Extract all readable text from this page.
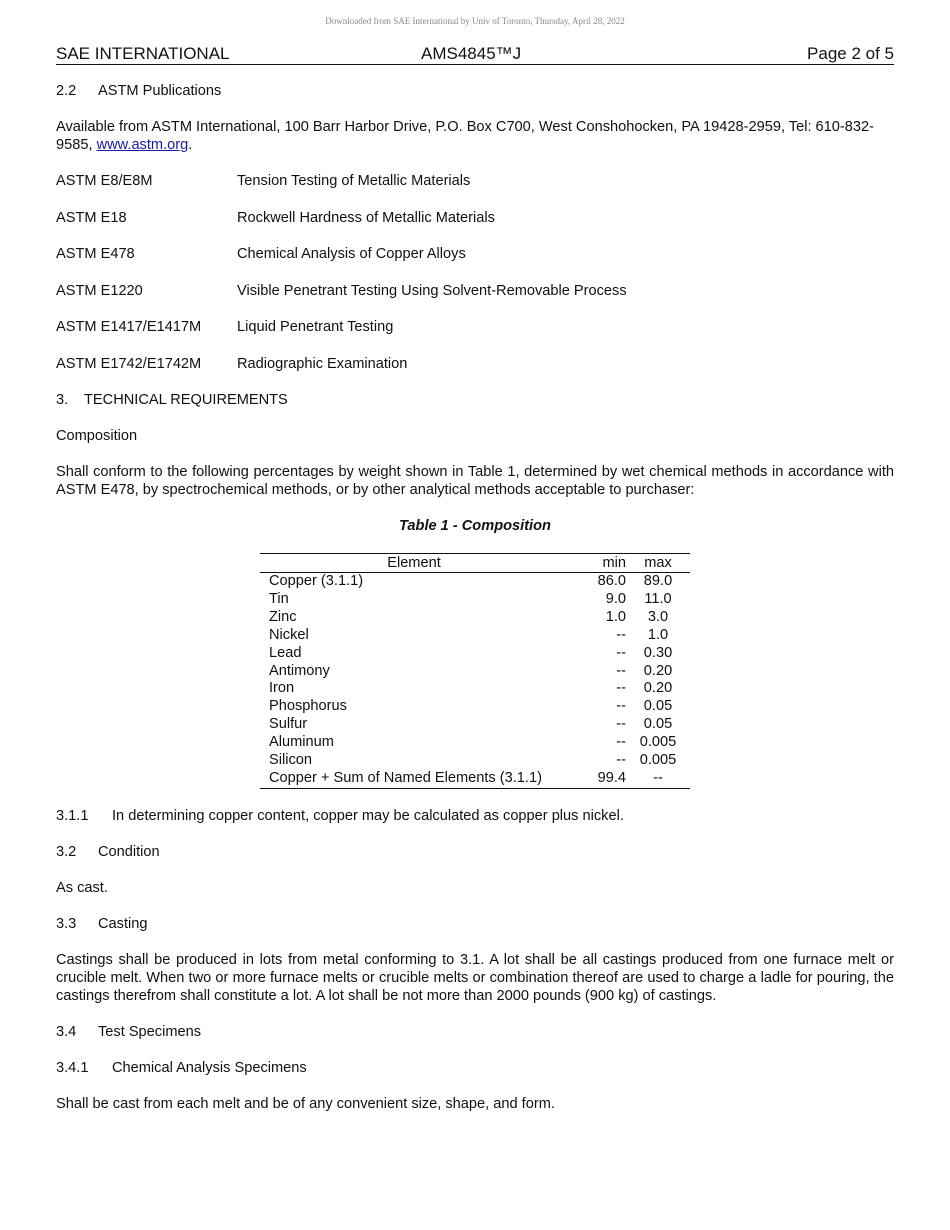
Downloaded from SAE International by Univ of Toronto, Thursday, April 28, 2022
SAE INTERNATIONAL	AMS4845™J	Page 2 of 5

2.2 ASTM Publications

Available from ASTM International, 100 Barr Harbor Drive, P.O. Box C700, West Conshohocken, PA 19428-2959, Tel: 610-832-9585, www.astm.org.

ASTM E8/E8M	Tension Testing of Metallic Materials
ASTM E18	Rockwell Hardness of Metallic Materials
ASTM E478	Chemical Analysis of Copper Alloys
ASTM E1220	Visible Penetrant Testing Using Solvent-Removable Process
ASTM E1417/E1417M	Liquid Penetrant Testing
ASTM E1742/E1742M	Radiographic Examination

3. TECHNICAL REQUIREMENTS

Composition

Shall conform to the following percentages by weight shown in Table 1, determined by wet chemical methods in accordance with ASTM E478, by spectrochemical methods, or by other analytical methods acceptable to purchaser:

Table 1 - Composition

Element	min	max
Copper (3.1.1)	86.0	89.0
Tin	9.0	11.0
Zinc	1.0	3.0
Nickel	--	1.0
Lead	--	0.30
Antimony	--	0.20
Iron	--	0.20
Phosphorus	--	0.05
Sulfur	--	0.05
Aluminum	--	0.005
Silicon	--	0.005
Copper + Sum of Named Elements (3.1.1)	99.4	--

3.1.1 In determining copper content, copper may be calculated as copper plus nickel.

3.2 Condition

As cast.

3.3 Casting

Castings shall be produced in lots from metal conforming to 3.1. A lot shall be all castings produced from one furnace melt or crucible melt. When two or more furnace melts or crucible melts or combination thereof are used to charge a ladle for pouring, the castings therefrom shall constitute a lot. A lot shall be not more than 2000 pounds (900 kg) of castings.

3.4 Test Specimens

3.4.1 Chemical Analysis Specimens

Shall be cast from each melt and be of any convenient size, shape, and form.
